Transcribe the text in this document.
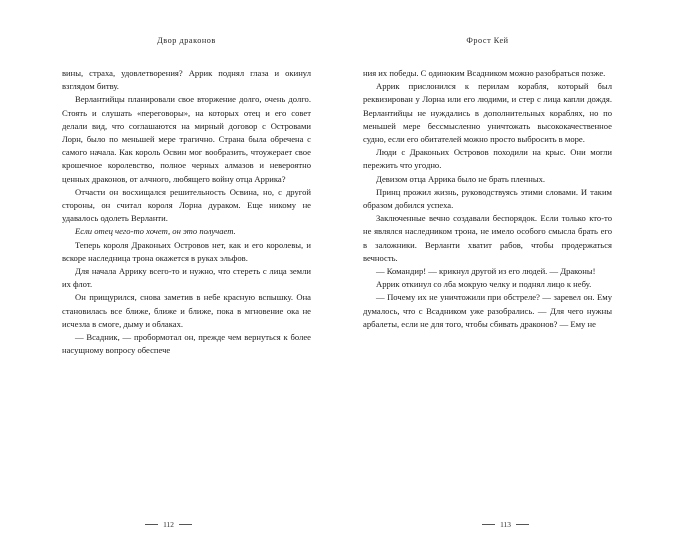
Двор драконов

вины, страха, удовлетворения? Аррик поднял глаза и окинул взглядом битву.

Верлантийцы планировали свое вторжение долго, очень долго. Стоять и слушать «переговоры», на которых отец и его совет делали вид, что соглашаются на мирный договор с Островами Лорн, было по меньшей мере трагично. Страна была обречена с самого начала. Как король Освин мог вообразить, чтоужерает свое крошечное королевство, полное черных алмазов и невероятно ценных драконов, от алчного, любящего войну отца Аррика?

Отчасти он восхищался решительность Освина, но, с другой стороны, он считал короля Лорна дураком. Еще никому не удавалось одолеть Верланти.

Если отец чего-то хочет, он это получает.

Теперь короля Драконьих Островов нет, как и его королевы, и вскоре наследница трона окажется в руках эльфов.

Для начала Аррику всего-то и нужно, что стереть с лица земли их флот.

Он прищурился, снова заметив в небе красную вспышку. Она становилась все ближе, ближе и ближе, пока в мгновение ока не исчезла в смоге, дыму и облаках.

— Всадник, — пробормотал он, прежде чем вернуться к более насущному вопросу обеспече

112
Фрост Кей

ния их победы. С одиноким Всадником можно разобраться позже.

Аррик прислонился к перилам корабля, который был реквизирован у Лорна или его людими, и стер с лица капли дождя. Верлантийцы не нуждались в дополнительных кораблях, но по меньшей мере бессмысленно уничтожать высококачественное судно, если его обитателей можно просто выбросить в море.

Люди с Драконьих Островов походили на крыс. Они могли пережить что угодно.

Девизом отца Аррика было не брать пленных.

Принц прожил жизнь, руководствуясь этими словами. И таким образом добился успеха.

Заключенные вечно создавали беспорядок. Если только кто-то не являлся наследником трона, не имело особого смысла брать его в заложники. Верланти хватит рабов, чтобы продержаться вечность.

— Командир! — крикнул другой из его людей. — Драконы!

Аррик откинул со лба мокрую челку и поднял лицо к небу.

— Почему их не уничтожили при обстреле? — заревел он. Ему думалось, что с Всадником уже разобрались. — Для чего нужны арбалеты, если не для того, чтобы сбивать драконов? — Ему не

113
